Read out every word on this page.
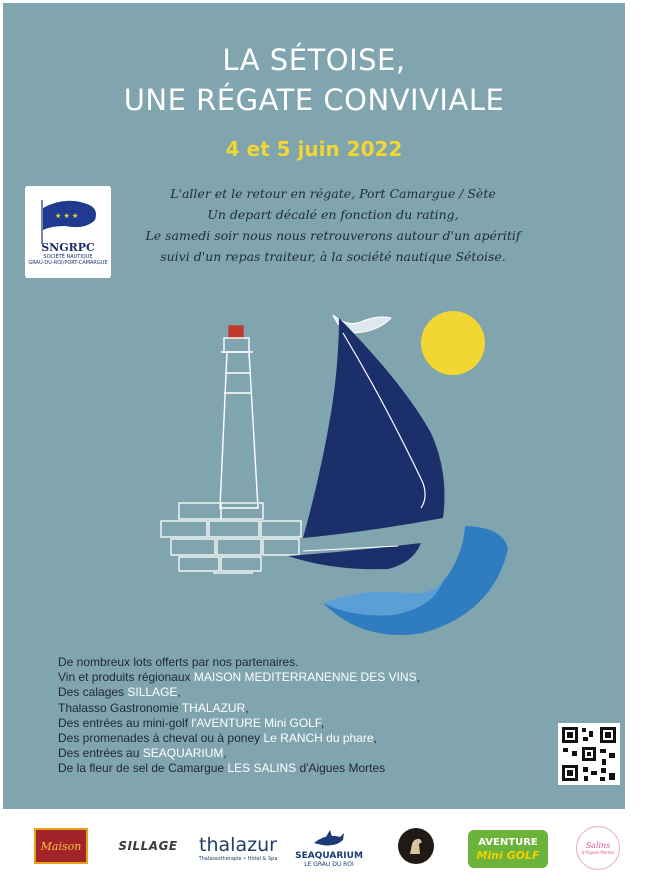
LA SÉTOISE,
UNE RÉGATE CONVIVIALE
4 et 5 juin 2022
★ ★ ★
SNGRPC
SOCIÉTÉ NAUTIQUE
GRAU-DU-ROI/PORT-CAMARGUE
L'aller et le retour en régate, Port Camargue / Sète
Un depart décalé en fonction du rating,
Le samedi soir nous nous retrouverons autour d'un apéritif
suivi d'un repas traiteur, à la société nautique Sétoise.
De nombreux lots offerts par nos partenaires.
Vin et produits régionaux MAISON MEDITERRANENNE DES VINS,
Des calages SILLAGE,
Thalasso Gastronomie THALAZUR,
Des entrées au mini-golf l'AVENTURE Mini GOLF,
Des promenades à cheval ou à poney Le RANCH du phare,
Des entrées au SEAQUARIUM,
De la fleur de sel de Camargue LES SALINS d'Aigues Mortes
Maison	SILLAGE thalazur
Thalassothérapie • Hôtel & Spa SEAQUARIUM
LE GRAU DU ROI
AVENTURE
Mini GOLF
Salins
d'Aigues-Mortes
